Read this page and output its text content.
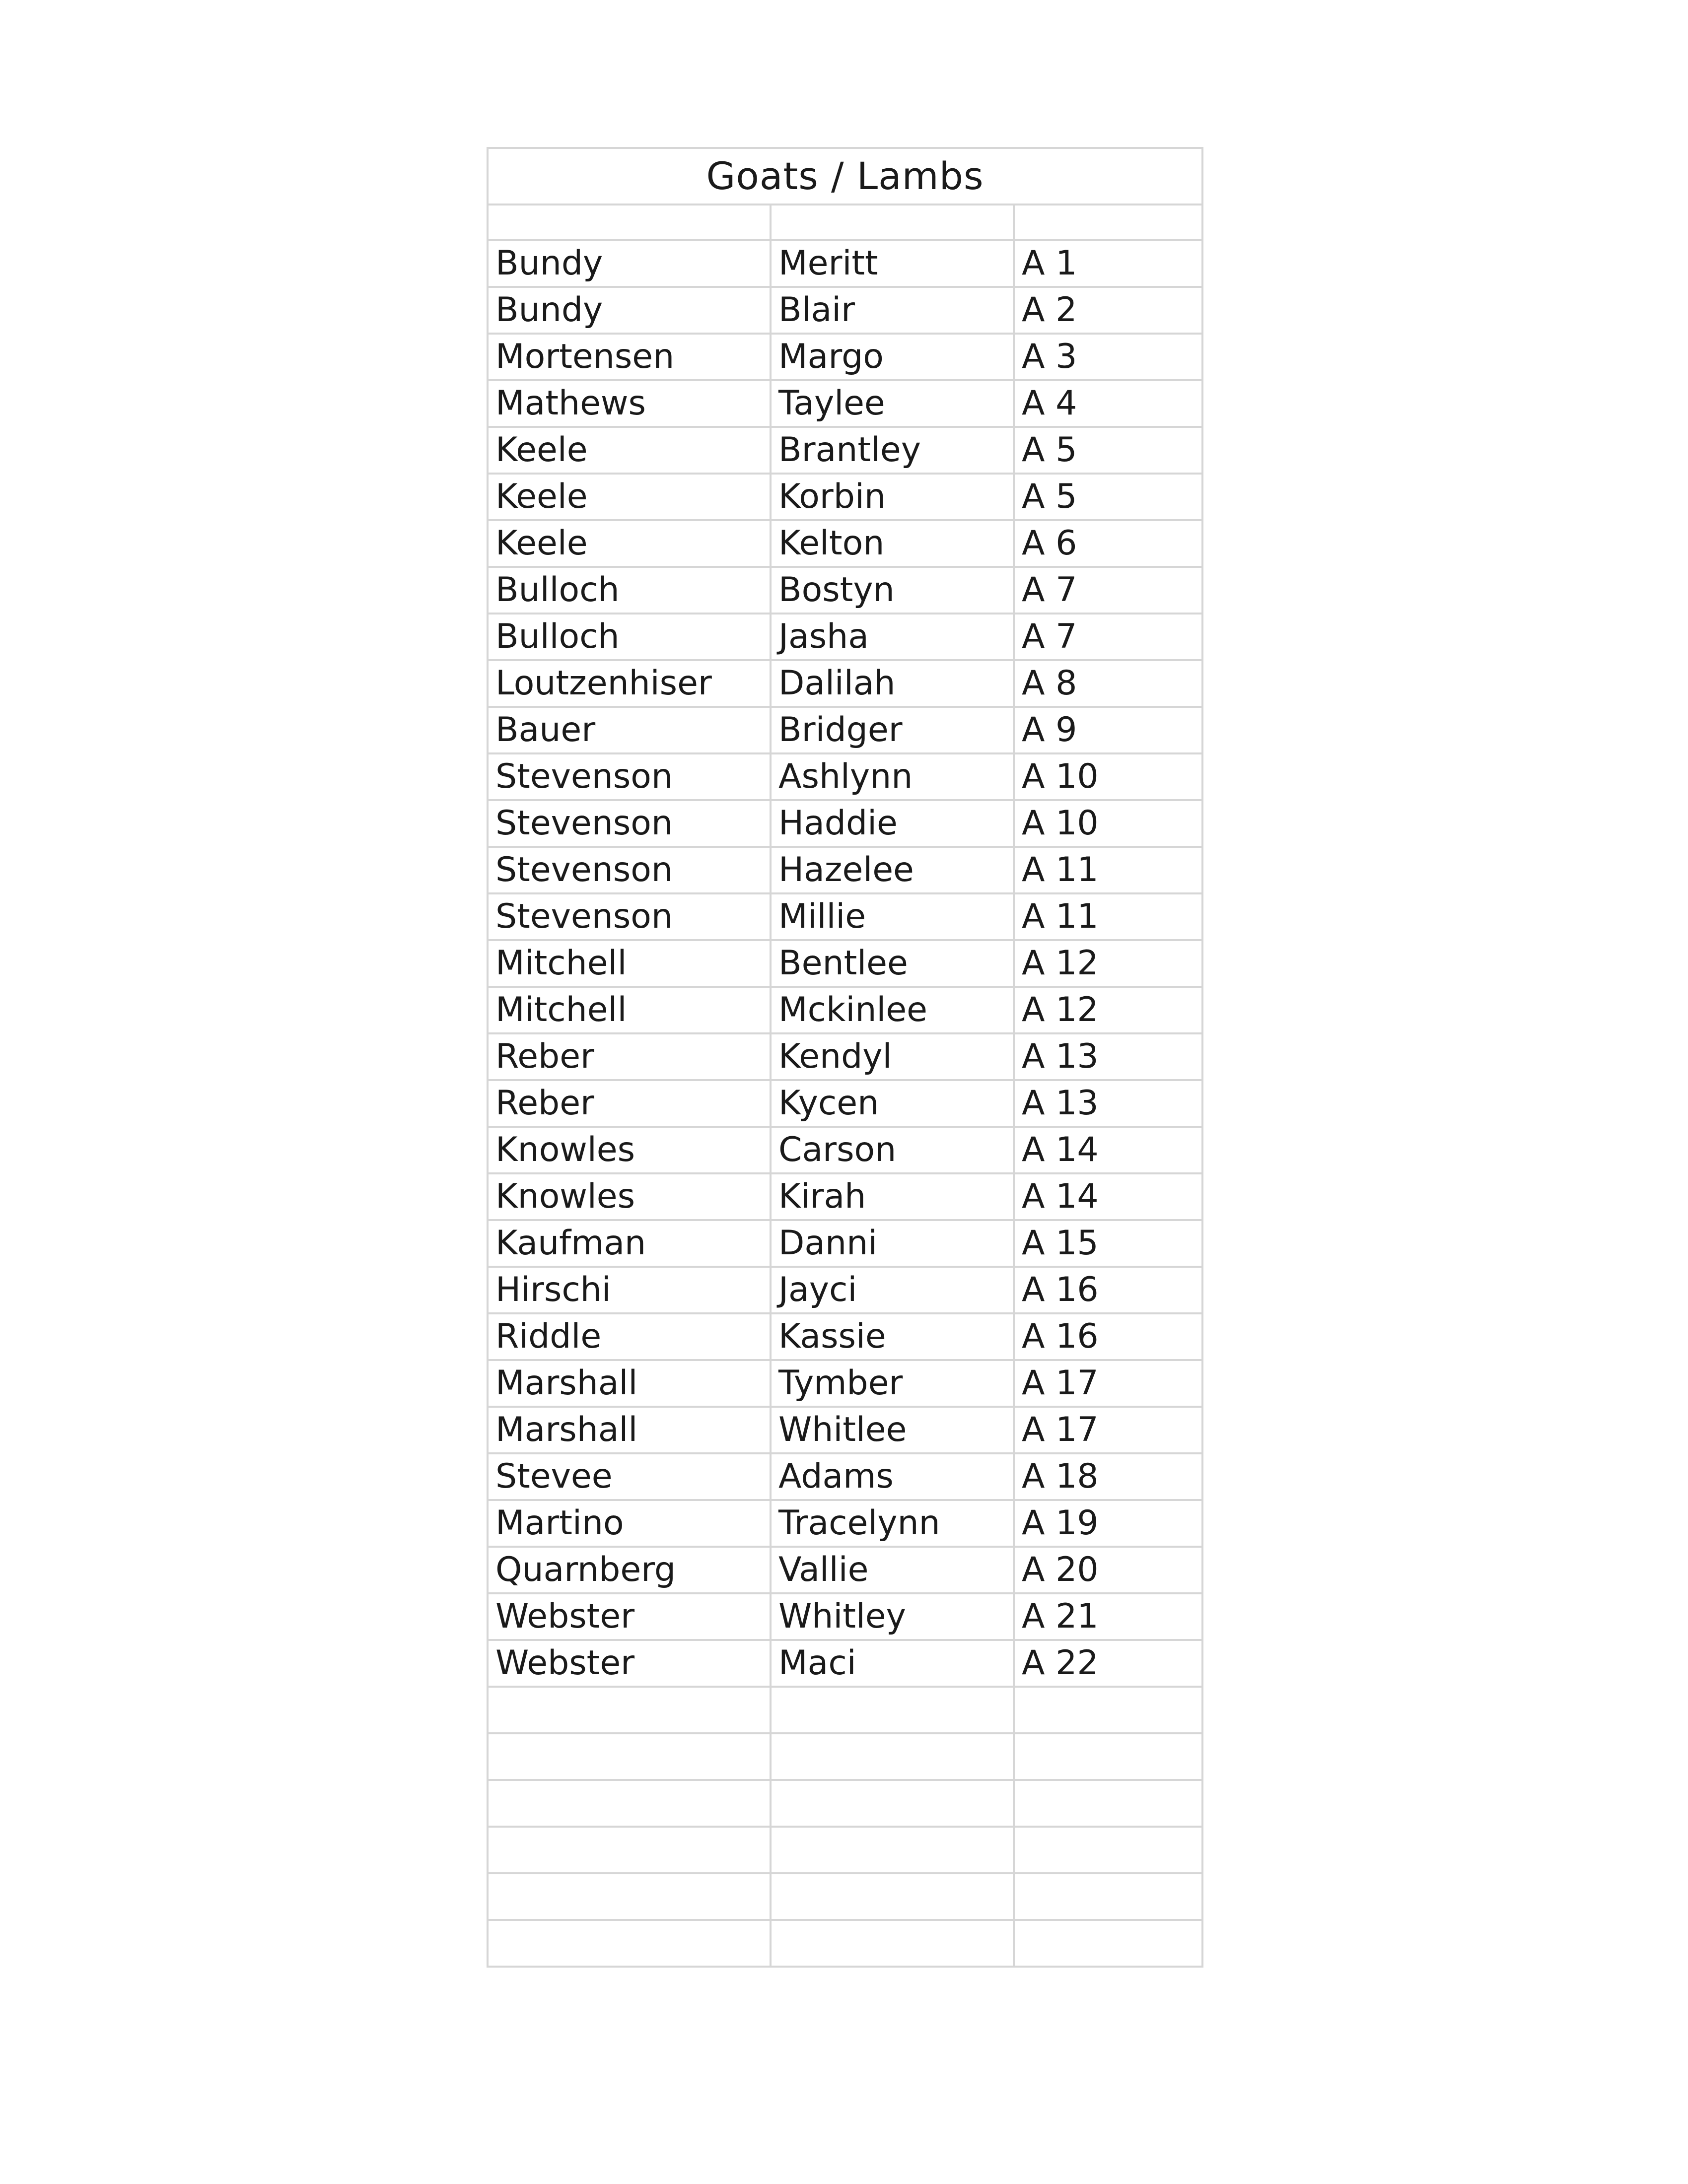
Goats / Lambs		

Bundy	Meritt	A 1
Bundy	Blair	A 2
Mortensen	Margo	A 3
Mathews	Taylee	A 4
Keele	Brantley	A 5
Keele	Korbin	A 5
Keele	Kelton	A 6
Bulloch	Bostyn	A 7
Bulloch	Jasha	A 7
Loutzenhiser	Dalilah	A 8
Bauer	Bridger	A 9
Stevenson	Ashlynn	A 10
Stevenson	Haddie	A 10
Stevenson	Hazelee	A 11
Stevenson	Millie	A 11
Mitchell	Bentlee	A 12
Mitchell	Mckinlee	A 12
Reber	Kendyl	A 13
Reber	Kycen	A 13
Knowles	Carson	A 14
Knowles	Kirah	A 14
Kaufman	Danni	A 15
Hirschi	Jayci	A 16
Riddle	Kassie	A 16
Marshall	Tymber	A 17
Marshall	Whitlee	A 17
Stevee	Adams	A 18
Martino	Tracelynn	A 19
Quarnberg	Vallie	A 20
Webster	Whitley	A 21
Webster	Maci	A 22
